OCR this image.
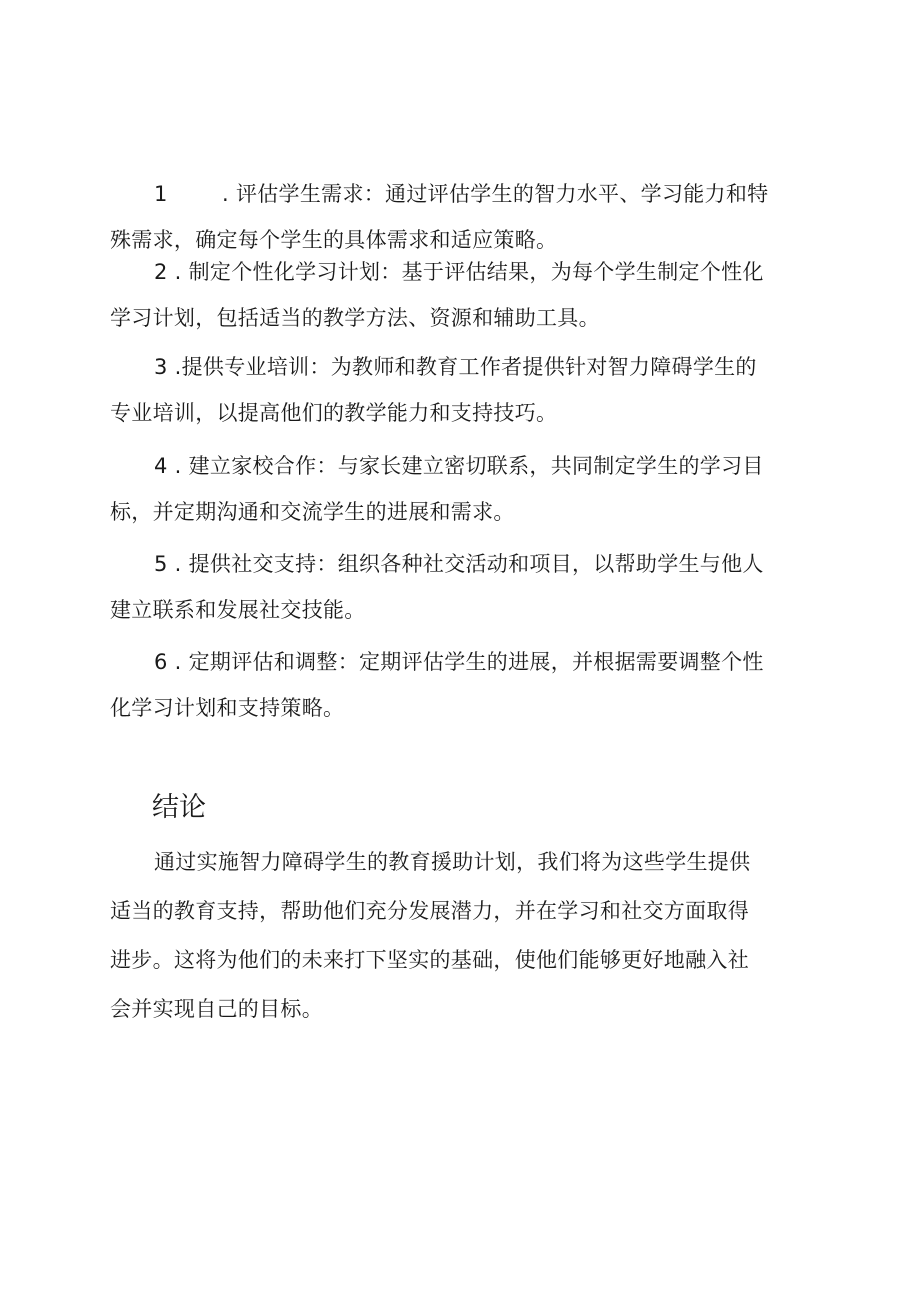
1	. 评估学生需求：通过评估学生的智力水平、学习能力和特
殊需求，确定每个学生的具体需求和适应策略。
2 . 制定个性化学习计划：基于评估结果，为每个学生制定个性化
学习计划，包括适当的教学方法、资源和辅助工具。
3 .提供专业培训：为教师和教育工作者提供针对智力障碍学生的
专业培训，以提高他们的教学能力和支持技巧。
4 . 建立家校合作：与家长建立密切联系，共同制定学生的学习目
标，并定期沟通和交流学生的进展和需求。
5 . 提供社交支持：组织各种社交活动和项目，以帮助学生与他人
建立联系和发展社交技能。
6 . 定期评估和调整：定期评估学生的进展，并根据需要调整个性
化学习计划和支持策略。
结论
通过实施智力障碍学生的教育援助计划，我们将为这些学生提供
适当的教育支持，帮助他们充分发展潜力，并在学习和社交方面取得
进步。这将为他们的未来打下坚实的基础，使他们能够更好地融入社
会并实现自己的目标。
